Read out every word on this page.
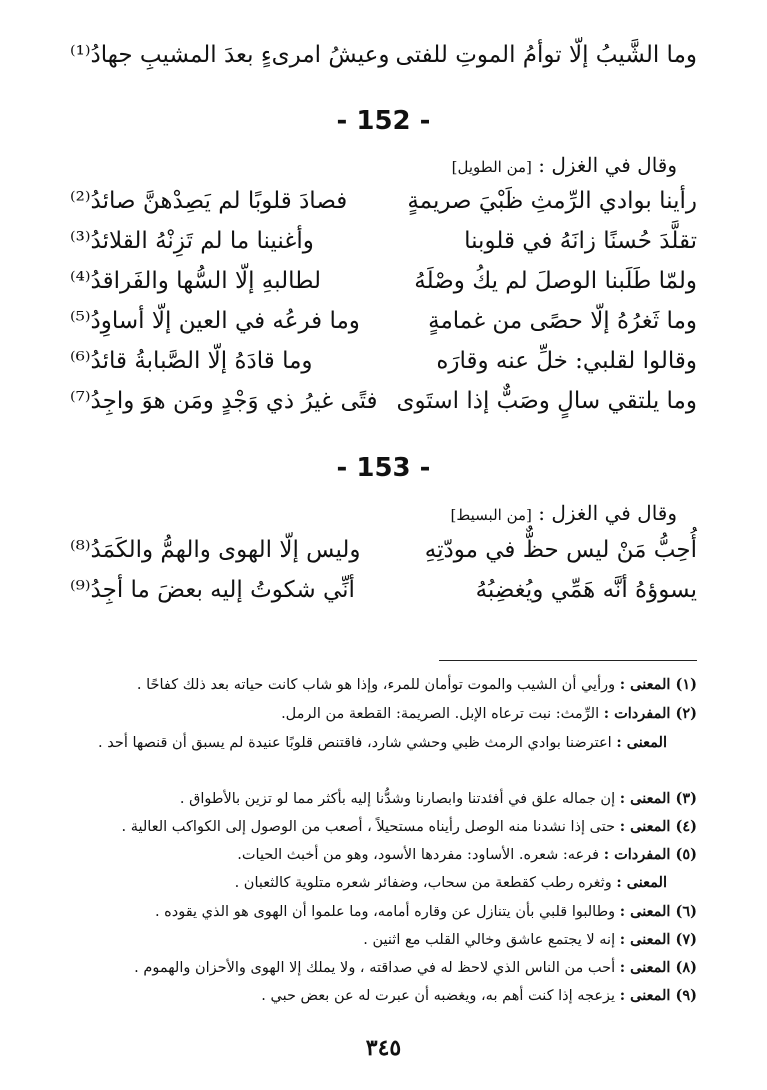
وما الشَّيبُ إلّا توأمُ الموتِ للفتى
وعيشُ امرىءٍ بعدَ المشيبِ جهادُ⁽¹⁾
- 152 -
وقال في الغزل : [من الطويل]
رأينا بوادي الرِّمثِ ظَبْيَ صريمةٍ
فصادَ قلوبًا لم يَصِدْهنَّ صائدُ⁽²⁾
تقلَّدَ حُسنًا زانَهُ في قلوبنا
وأغنينا ما لم تَزِنْهُ القلائدُ⁽³⁾
ولمّا طَلَبنا الوصلَ لم يكُ وصْلَهُ
لطالبهِ إلّا السُّها والفَراقدُ⁽⁴⁾
وما ثَغرُهُ إلّا حصًى من غمامةٍ
وما فرعُه في العين إلّا أساوِدُ⁽⁵⁾
وقالوا لقلبي: خلِّ عنه وقارَه
وما قادَهُ إلّا الصَّبابةُ قائدُ⁽⁶⁾
وما يلتقي سالٍ وصَبٌّ إذا استَوى
فتًى غيرُ ذي وَجْدٍ ومَن هوَ واجِدُ⁽⁷⁾
- 153 -
وقال في الغزل : [من البسيط]
أُحِبُّ مَنْ ليس حظٌّ في مودّتِهِ
وليس إلّا الهوى والهمُّ والكَمَدُ⁽⁸⁾
يسوؤهُ أنَّه هَمِّي ويُغضِبُهُ
أنِّي شكوتُ إليه بعضَ ما أجِدُ⁽⁹⁾
(١) المعنى : ورأيي أن الشيب والموت توأمان للمرء، وإذا هو شاب كانت حياته بعد ذلك كفاحًا .
(٢) المفردات : الرِّمث: نبت ترعاه الإبل. الصريمة: القطعة من الرمل.
المعنى : اعترضنا بوادي الرمث ظبي وحشي شارد، فاقتنص قلوبًا عنيدة لم يسبق أن قنصها أحد .
(٣) المعنى : إن جماله علق في أفئدتنا وابصارنا وشدُّنا إليه بأكثر مما لو تزين بالأطواق .
(٤) المعنى : حتى إذا نشدنا منه الوصل رأيناه مستحيلاً ، أصعب من الوصول إلى الكواكب العالية .
(٥) المفردات : فرعه: شعره. الأساود: مفردها الأسود، وهو من أخبث الحيات.
المعنى : وثغره رطب كقطعة من سحاب، وضفائر شعره متلوية كالثعبان .
(٦) المعنى : وطالبوا قلبي بأن يتنازل عن وقاره أمامه، وما علموا أن الهوى هو الذي يقوده .
(٧) المعنى : إنه لا يجتمع عاشق وخالي القلب مع اثنين .
(٨) المعنى : أحب من الناس الذي لاحظ له في صداقته ، ولا يملك إلا الهوى والأحزان والهموم .
(٩) المعنى : يزعجه إذا كنت أهم به، ويغضبه أن عبرت له عن بعض حبي .
٣٤٥
